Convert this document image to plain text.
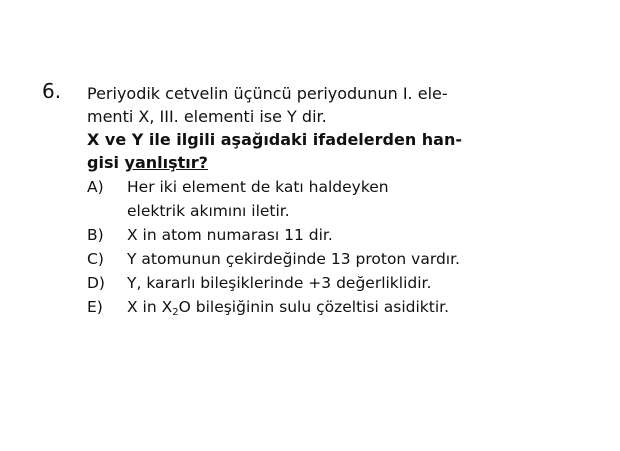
6. Periyodik cetvelin üçüncü periyodunun I. ele-
menti X, III. elementi ise Y dir.
X ve Y ile ilgili aşağıdaki ifadelerden han-
gisi yanlıştır?
A) Her iki element de katı haldeyken
elektrik akımını iletir.
B) X in atom numarası 11 dir.
C) Y atomunun çekirdeğinde 13 proton vardır.
D) Y, kararlı bileşiklerinde +3 değerliklidir.
E) X in $X_2O$ bileşiğinin sulu çözeltisi asidiktir.
